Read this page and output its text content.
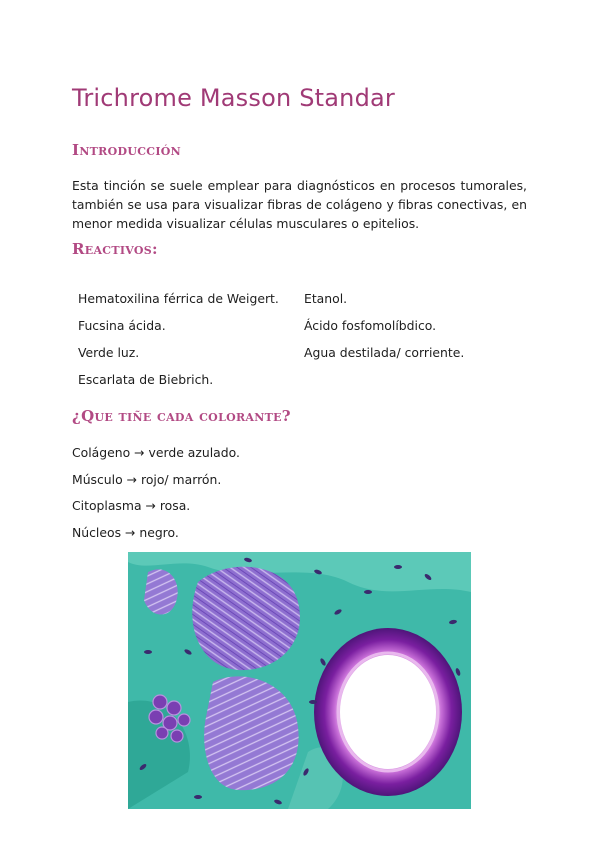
Trichrome Masson Standar
Introducción

Esta tinción se suele emplear para diagnósticos en procesos tumorales, también se usa para visualizar fibras de colágeno y fibras conectivas, en menor medida visualizar células musculares o epitelios.

Reactivos:
Hematoxilina férrica de Weigert.
Fucsina ácida.
Verde luz.
Escarlata de Biebrich.
Etanol.
Ácido fosfomolíbdico.
Agua destilada/ corriente.
¿Que tiñe cada colorante?
Colágeno → verde azulado.
Músculo → rojo/ marrón.
Citoplasma → rosa.
Núcleos → negro.
